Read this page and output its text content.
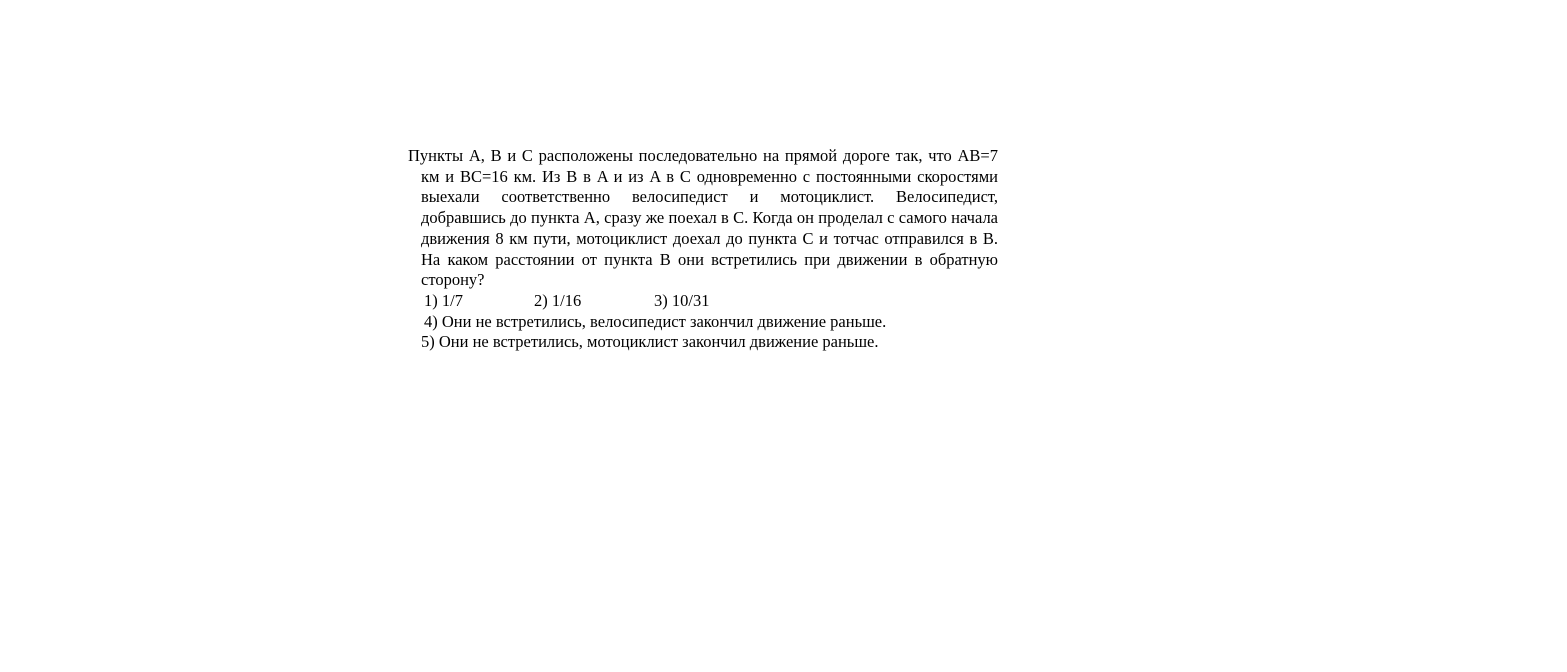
Пункты A, B и C расположены последовательно на прямой дороге так, что AB=7 км и BC=16 км. Из B в A и из A в C одновременно с постоянными скоростями выехали соответственно велосипедист и мотоциклист. Велосипедист, добравшись до пункта A, сразу же поехал в C. Когда он проделал с самого начала движения 8 км пути, мотоциклист доехал до пункта C и тотчас отправился в B. На каком расстоянии от пункта B они встретились при движении в обратную сторону?

1) 1/7	2) 1/16	3) 10/31

4) Они не встретились, велосипедист закончил движение раньше.

5) Они не встретились, мотоциклист закончил движение раньше.
